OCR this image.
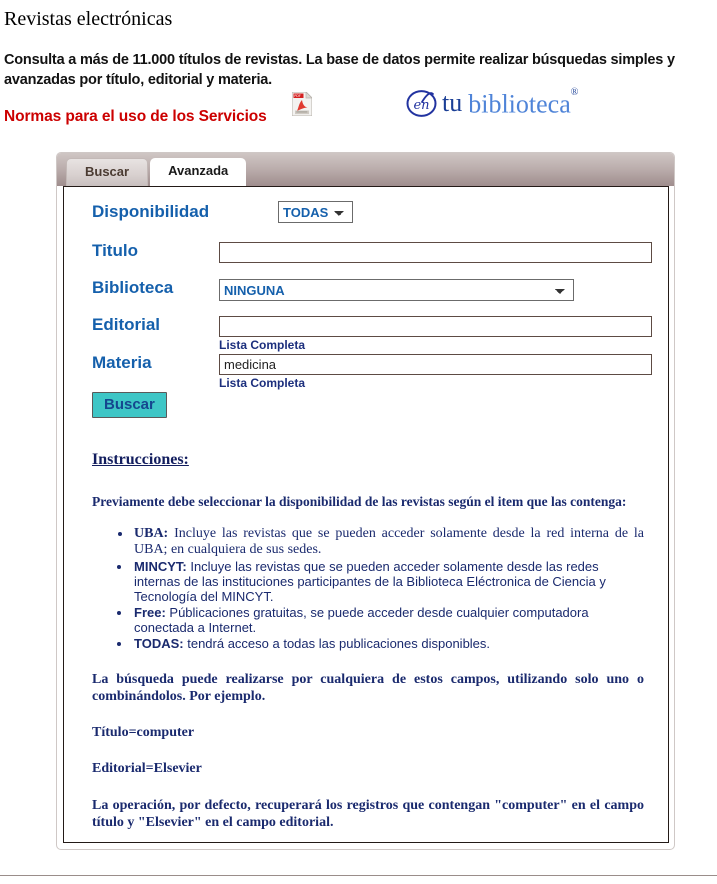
Revistas electrónicas

Consulta a más de 11.000 títulos de revistas. La base de datos permite realizar búsquedas simples y avanzadas por título, editorial y materia.

Normas para el uso de los Servicios
PDF
en tu biblioteca®
Buscar	Avanzada
Disponibilidad
TODAS
Titulo
Biblioteca
NINGUNA
Editorial
Lista Completa
Materia
medicina
Lista Completa
Buscar
Instrucciones:
Previamente debe seleccionar la disponibilidad de las revistas según el item que las contenga:
• UBA: Incluye las revistas que se pueden acceder solamente desde la red interna de la UBA; en cualquiera de sus sedes.
• MINCYT: Incluye las revistas que se pueden acceder solamente desde las redes internas de las instituciones participantes de la Biblioteca Eléctronica de Ciencia y Tecnología del MINCYT.
• Free: Públicaciones gratuitas, se puede acceder desde cualquier computadora conectada a Internet.
• TODAS: tendrá acceso a todas las publicaciones disponibles.

La búsqueda puede realizarse por cualquiera de estos campos, utilizando solo uno o combinándolos. Por ejemplo.

Título=computer

Editorial=Elsevier

La operación, por defecto, recuperará los registros que contengan "computer" en el campo título y "Elsevier" en el campo editorial.
